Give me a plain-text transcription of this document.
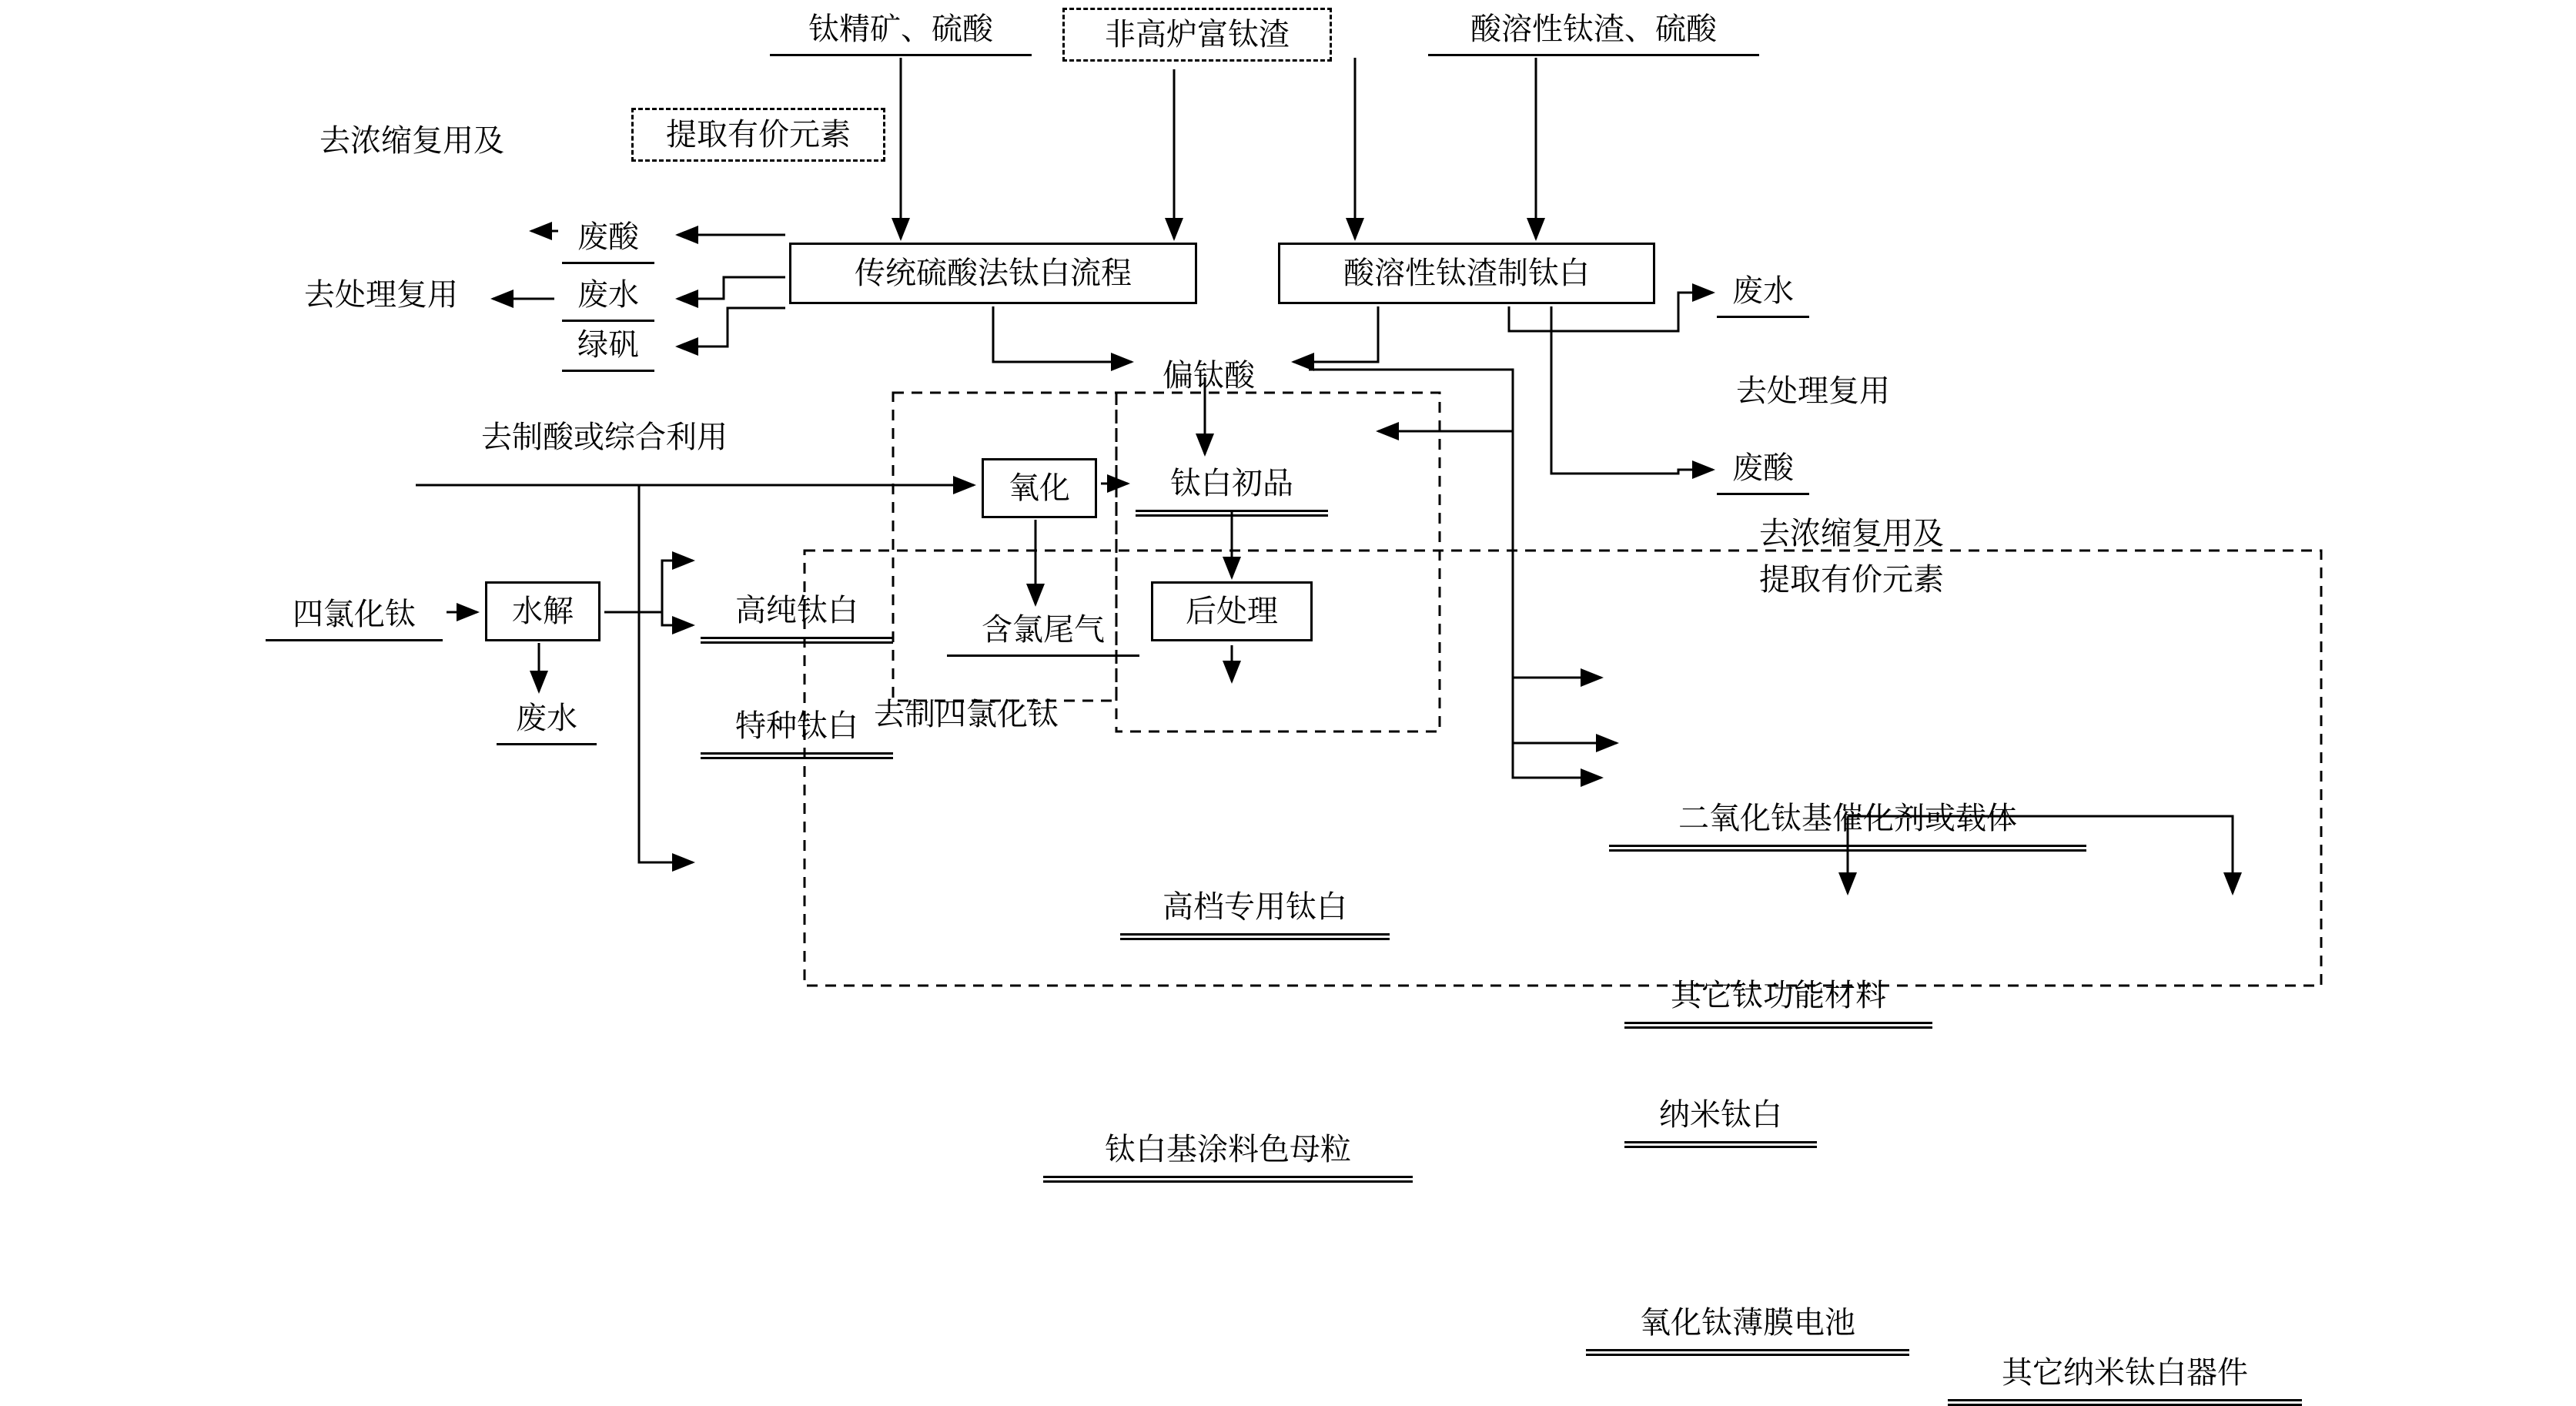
钛精矿、硫酸	非高炉富钛渣	酸溶性钛渣、硫酸
去浓缩复用及	提取有价元素
废酸
去处理复用	废水
绿矾
传统硫酸法钛白流程	酸溶性钛渣制钛白	废水
去处理复用
废酸
去制酸或综合利用
偏钛酸
氧化	钛白初品
去浓缩复用及
提取有价元素
高纯钛白
四氯化钛	水解
特种钛白
后处理
含氯尾气
二氧化钛基催化剂或载体
废水	去制四氯化钛
高档专用钛白
其它钛功能材料
纳米钛白
钛白基涂料色母粒
氧化钛薄膜电池
其它纳米钛白器件
